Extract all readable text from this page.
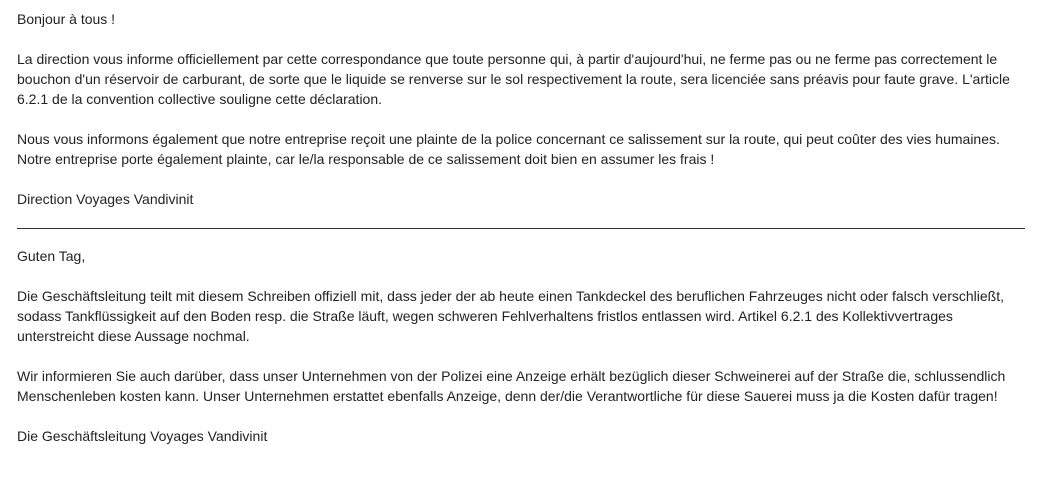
Bonjour à tous !

La direction vous informe officiellement par cette correspondance que toute personne qui, à partir d'aujourd'hui, ne ferme pas ou ne ferme pas correctement le bouchon d'un réservoir de carburant, de sorte que le liquide se renverse sur le sol respectivement la route, sera licenciée sans préavis pour faute grave. L'article 6.2.1 de la convention collective souligne cette déclaration.

Nous vous informons également que notre entreprise reçoit une plainte de la police concernant ce salissement sur la route, qui peut coûter des vies humaines. Notre entreprise porte également plainte, car le/la responsable de ce salissement doit bien en assumer les frais !

Direction Voyages Vandivinit

Guten Tag,

Die Geschäftsleitung teilt mit diesem Schreiben offiziell mit, dass jeder der ab heute einen Tankdeckel des beruflichen Fahrzeuges nicht oder falsch verschließt, sodass Tankflüssigkeit auf den Boden resp. die Straße läuft, wegen schweren Fehlverhaltens fristlos entlassen wird. Artikel 6.2.1 des Kollektivvertrages unterstreicht diese Aussage nochmal.

Wir informieren Sie auch darüber, dass unser Unternehmen von der Polizei eine Anzeige erhält bezüglich dieser Schweinerei auf der Straße die, schlussendlich Menschenleben kosten kann. Unser Unternehmen erstattet ebenfalls Anzeige, denn der/die Verantwortliche für diese Sauerei muss ja die Kosten dafür tragen!

Die Geschäftsleitung Voyages Vandivinit
